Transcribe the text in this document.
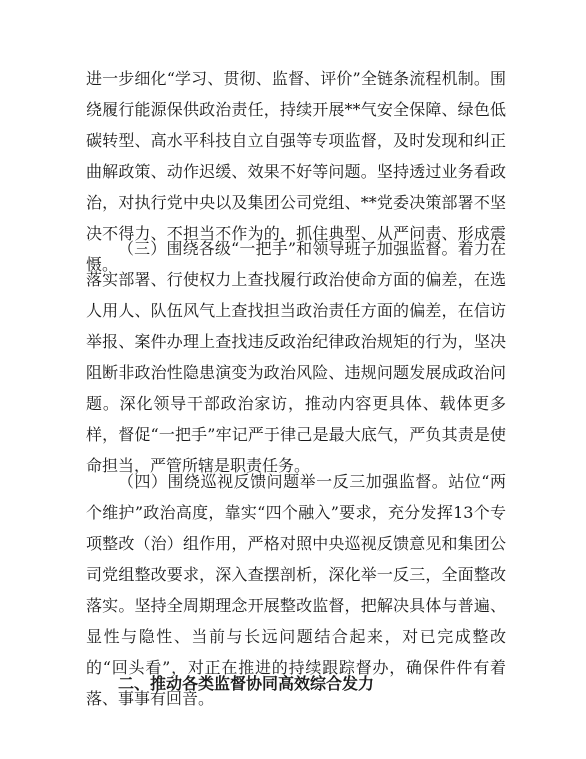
进一步细化“学习、贯彻、监督、评价”全链条流程机制。围绕履行能源保供政治责任，持续开展**气安全保障、绿色低碳转型、高水平科技自立自强等专项监督，及时发现和纠正曲解政策、动作迟缓、效果不好等问题。坚持透过业务看政治，对执行党中央以及集团公司党组、**党委决策部署不坚决不得力、不担当不作为的，抓住典型、从严问责、形成震慑。

（三）围绕各级“一把手”和领导班子加强监督。着力在落实部署、行使权力上查找履行政治使命方面的偏差，在选人用人、队伍风气上查找担当政治责任方面的偏差，在信访举报、案件办理上查找违反政治纪律政治规矩的行为，坚决阻断非政治性隐患演变为政治风险、违规问题发展成政治问题。深化领导干部政治家访，推动内容更具体、载体更多样，督促“一把手”牢记严于律己是最大底气，严负其责是使命担当，严管所辖是职责任务。

（四）围绕巡视反馈问题举一反三加强监督。站位“两个维护”政治高度，靠实“四个融入”要求，充分发挥13个专项整改（治）组作用，严格对照中央巡视反馈意见和集团公司党组整改要求，深入查摆剖析，深化举一反三，全面整改落实。坚持全周期理念开展整改监督，把解决具体与普遍、显性与隐性、当前与长远问题结合起来，对已完成整改的“回头看”，对正在推进的持续跟踪督办，确保件件有着落、事事有回音。

二、推动各类监督协同高效综合发力
